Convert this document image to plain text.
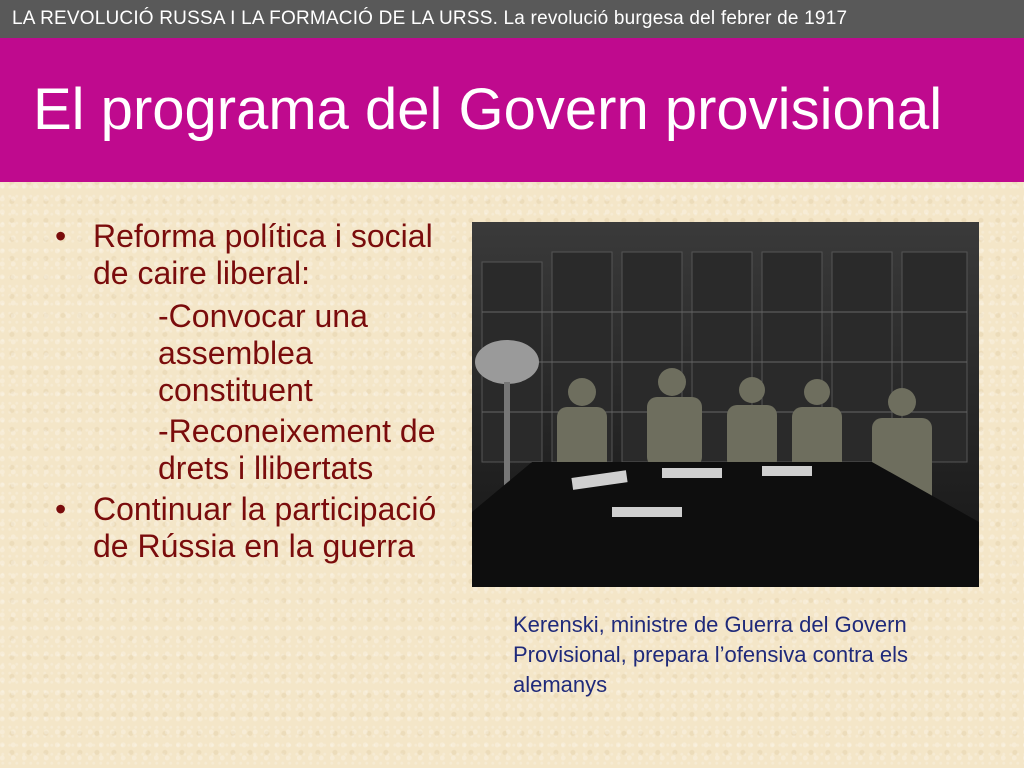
LA REVOLUCIÓ RUSSA I LA FORMACIÓ DE LA URSS. La revolució burgesa del febrer de 1917
El programa del Govern provisional
• Reforma política i social de caire liberal:
-Convocar una assemblea constituent
-Reconeixement de drets i llibertats
• Continuar la participació de Rússia en la guerra
Kerenski, ministre de Guerra del Govern Provisional, prepara l’ofensiva contra els alemanys
